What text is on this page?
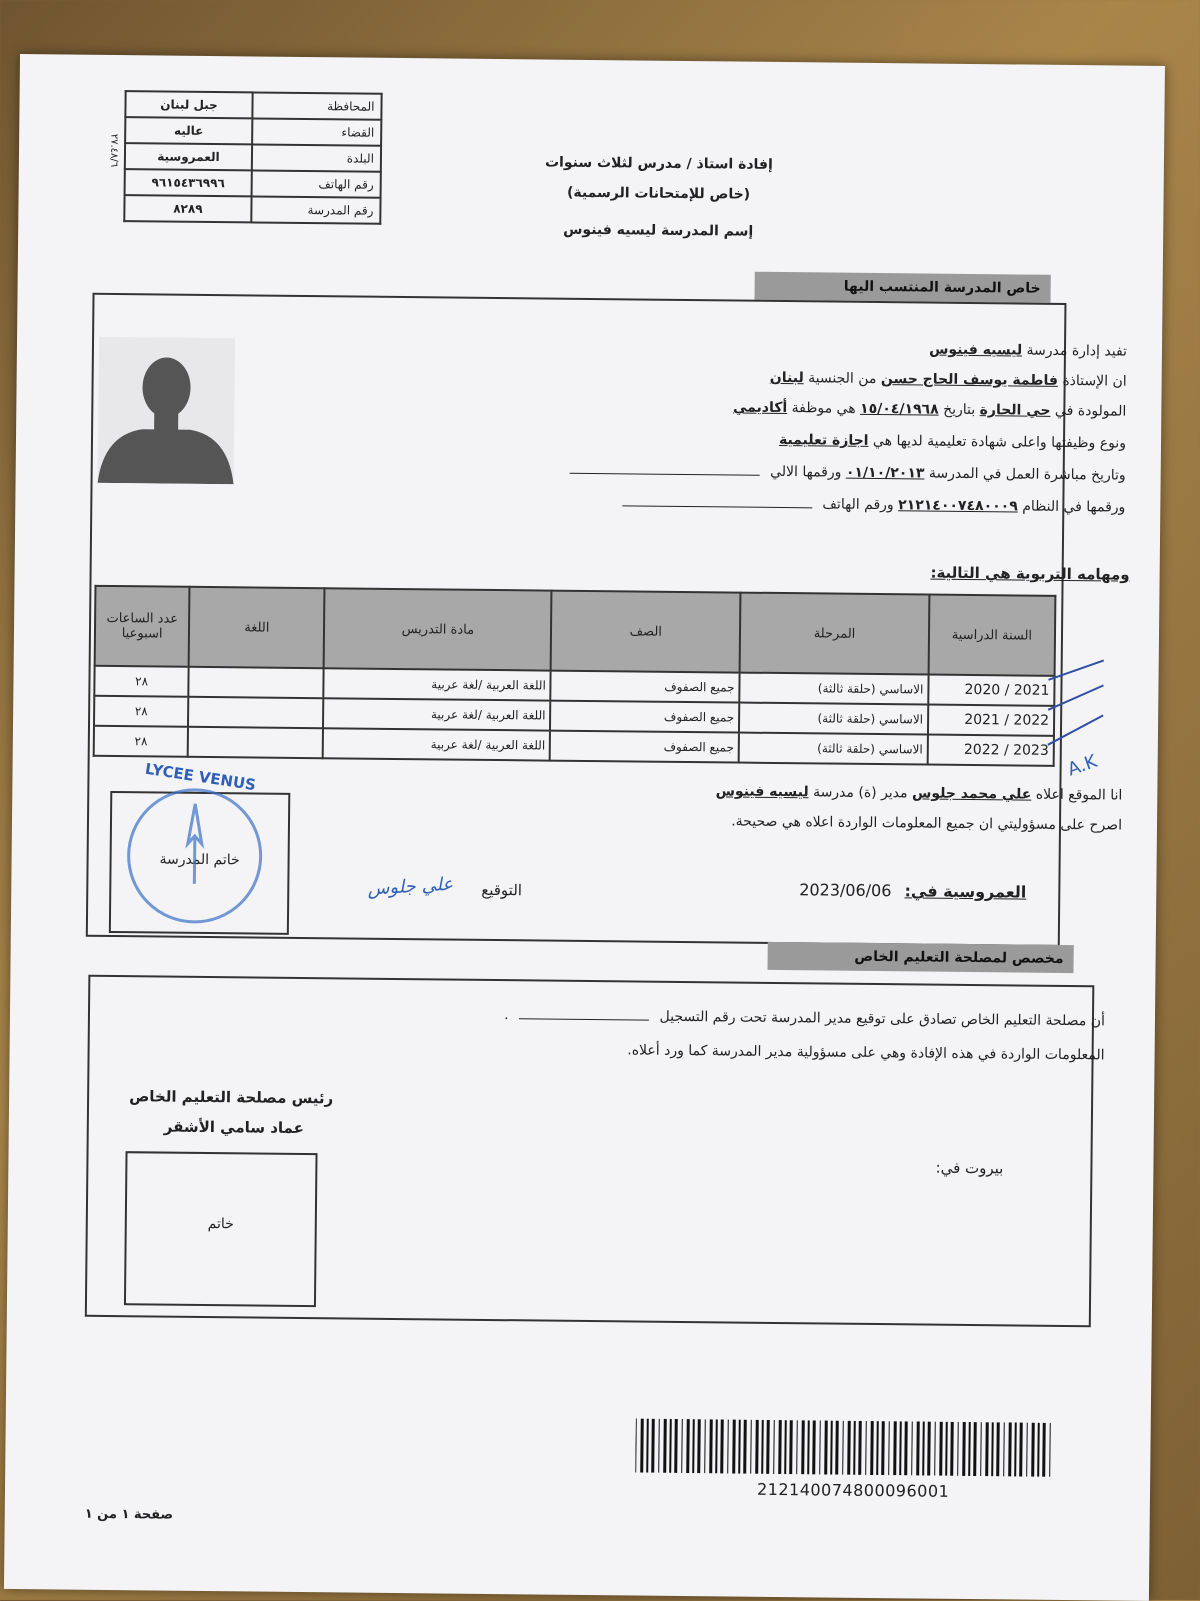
المحافظة	جبل لبنان
القضاء	عاليه
البلدة	العمروسية
رقم الهاتف	٩٦١٥٤٣٦٩٩٦
رقم المدرسة	٨٢٨٩
٢٧.٤٨/٦	إفادة استاذ / مدرس لثلاث سنوات
(خاص للإمتحانات الرسمية)
إسم المدرسة ليسيه فينوس
خاص المدرسة المنتسب اليها
تفيد إدارة مدرسة ليسيه فينوس
ان الإستاذة فاطمة يوسف الحاج حسن من الجنسية لبنان
المولودة في حي الحارة بتاريخ ١٥/٠٤/١٩٦٨ هي موظفة أكاديمي
ونوع وظيفتها واعلى شهادة تعليمية لديها هي اجازة تعليمية
وتاريخ مباشرة العمل في المدرسة ٠١/١٠/٢٠١٣ ورقمها الالي
ورقمها في النظام ٢١٢١٤٠٠٧٤٨٠٠٠٩ ورقم الهاتف
ومهامه التربوية هي التالية:
السنة الدراسية	المرحلة	الصف	مادة التدريس	اللغة	عدد الساعات اسبوعيا
2020 / 2021	الاساسي (حلقة ثالثة)	جميع الصفوف	اللغة العربية /لغة عربية		٢٨
2021 / 2022	الاساسي (حلقة ثالثة)	جميع الصفوف	اللغة العربية /لغة عربية		٢٨
2022 / 2023	الاساسي (حلقة ثالثة)	جميع الصفوف	اللغة العربية /لغة عربية		٢٨
A.K
انا الموقع اعلاه علي محمد جلوس مدير (ة) مدرسة ليسيه فينوس
اصرح على مسؤوليتي ان جميع المعلومات الواردة اعلاه هي صحيحة.
العمروسية في: 2023/06/06
التوقيع
علي جلوس
خاتم المدرسة
LYCEE VENUS
مخصص لمصلحة التعليم الخاص
أن مصلحة التعليم الخاص تصادق على توقيع مدير المدرسة تحت رقم التسجيل  .
المعلومات الواردة في هذه الإفادة وهي على مسؤولية مدير المدرسة كما ورد أعلاه.
رئيس مصلحة التعليم الخاص
عماد سامي الأشقر
بيروت في:
خاتم
212140074800096001
صفحة ١ من ١
